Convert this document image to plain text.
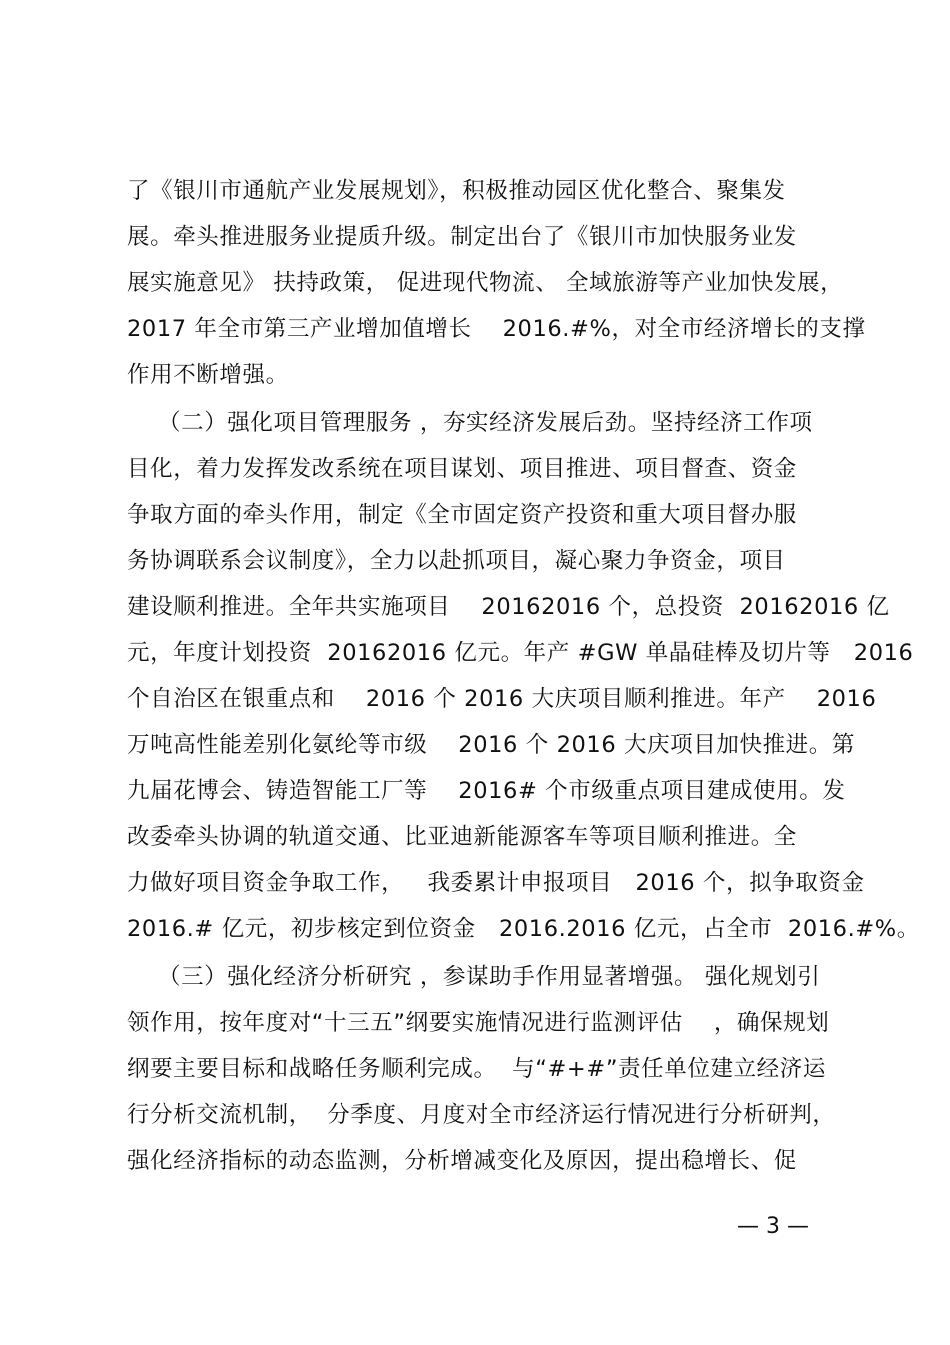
了《银川市通航产业发展规划》，积极推动园区优化整合、聚集发
展。牵头推进服务业提质升级。制定出台了《银川市加快服务业发
展实施意见》 扶持政策， 促进现代物流、 全域旅游等产业加快发展，
2017 年全市第三产业增加值增长    2016.#%，对全市经济增长的支撑
作用不断增强。
（二）强化项目管理服务 ，夯实经济发展后劲。坚持经济工作项
目化，着力发挥发改系统在项目谋划、项目推进、项目督查、资金
争取方面的牵头作用，制定《全市固定资产投资和重大项目督办服
务协调联系会议制度》，全力以赴抓项目，凝心聚力争资金，项目
建设顺利推进。全年共实施项目    20162016 个，总投资  20162016 亿
元，年度计划投资  20162016 亿元。年产 #GW 单晶硅棒及切片等   2016
个自治区在银重点和    2016 个 2016 大庆项目顺利推进。年产    2016
万吨高性能差别化氨纶等市级    2016 个 2016 大庆项目加快推进。第
九届花博会、铸造智能工厂等    2016# 个市级重点项目建成使用。发
改委牵头协调的轨道交通、比亚迪新能源客车等项目顺利推进。全
力做好项目资金争取工作，   我委累计申报项目   2016 个，拟争取资金
2016.# 亿元，初步核定到位资金   2016.2016 亿元，占全市  2016.#%。
（三）强化经济分析研究 ，参谋助手作用显著增强。 强化规划引
领作用，按年度对“十三五”纲要实施情况进行监测评估    ，确保规划
纲要主要目标和战略任务顺利完成。  与“#+#”责任单位建立经济运
行分析交流机制，  分季度、月度对全市经济运行情况进行分析研判，
强化经济指标的动态监测，分析增减变化及原因，提出稳增长、促
— 3 —
